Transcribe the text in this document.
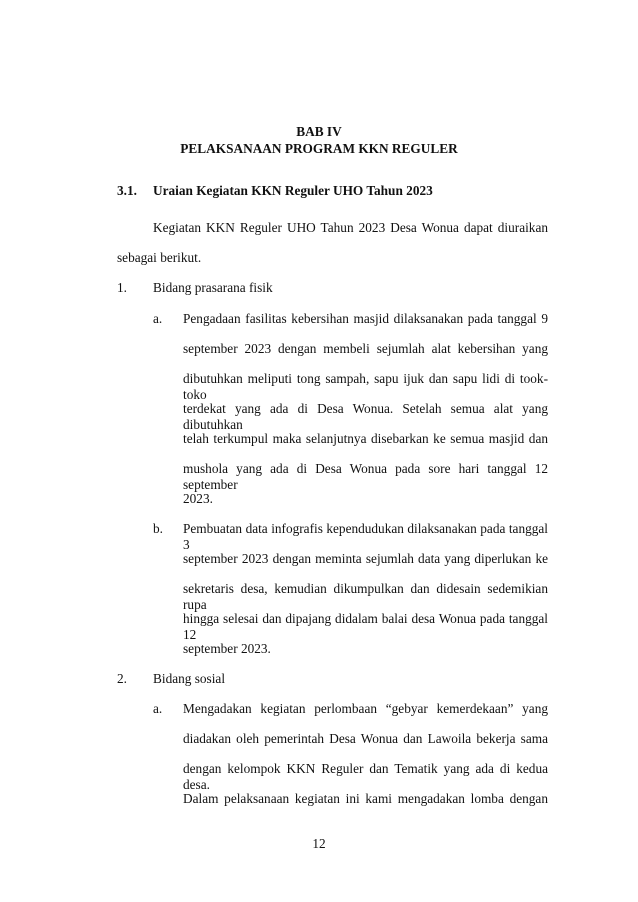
BAB IV
PELAKSANAAN PROGRAM KKN REGULER
3.1. Uraian Kegiatan KKN Reguler UHO Tahun 2023
Kegiatan KKN Reguler UHO Tahun 2023 Desa Wonua dapat diuraikan
sebagai berikut.
1. Bidang prasarana fisik
a. Pengadaan fasilitas kebersihan masjid dilaksanakan pada tanggal 9
september 2023 dengan membeli sejumlah alat kebersihan yang
dibutuhkan meliputi tong sampah, sapu ijuk dan sapu lidi di took-toko
terdekat yang ada di Desa Wonua. Setelah semua alat yang dibutuhkan
telah terkumpul maka selanjutnya disebarkan ke semua masjid dan
mushola yang ada di Desa Wonua pada sore hari tanggal 12 september
2023.
b. Pembuatan data infografis kependudukan dilaksanakan pada tanggal 3
september 2023 dengan meminta sejumlah data yang diperlukan ke
sekretaris desa, kemudian dikumpulkan dan didesain sedemikian rupa
hingga selesai dan dipajang didalam balai desa Wonua pada tanggal 12
september 2023.
2. Bidang sosial
a. Mengadakan kegiatan perlombaan “gebyar kemerdekaan” yang
diadakan oleh pemerintah Desa Wonua dan Lawoila bekerja sama
dengan kelompok KKN Reguler dan Tematik yang ada di kedua desa.
Dalam pelaksanaan kegiatan ini kami mengadakan lomba dengan
12
